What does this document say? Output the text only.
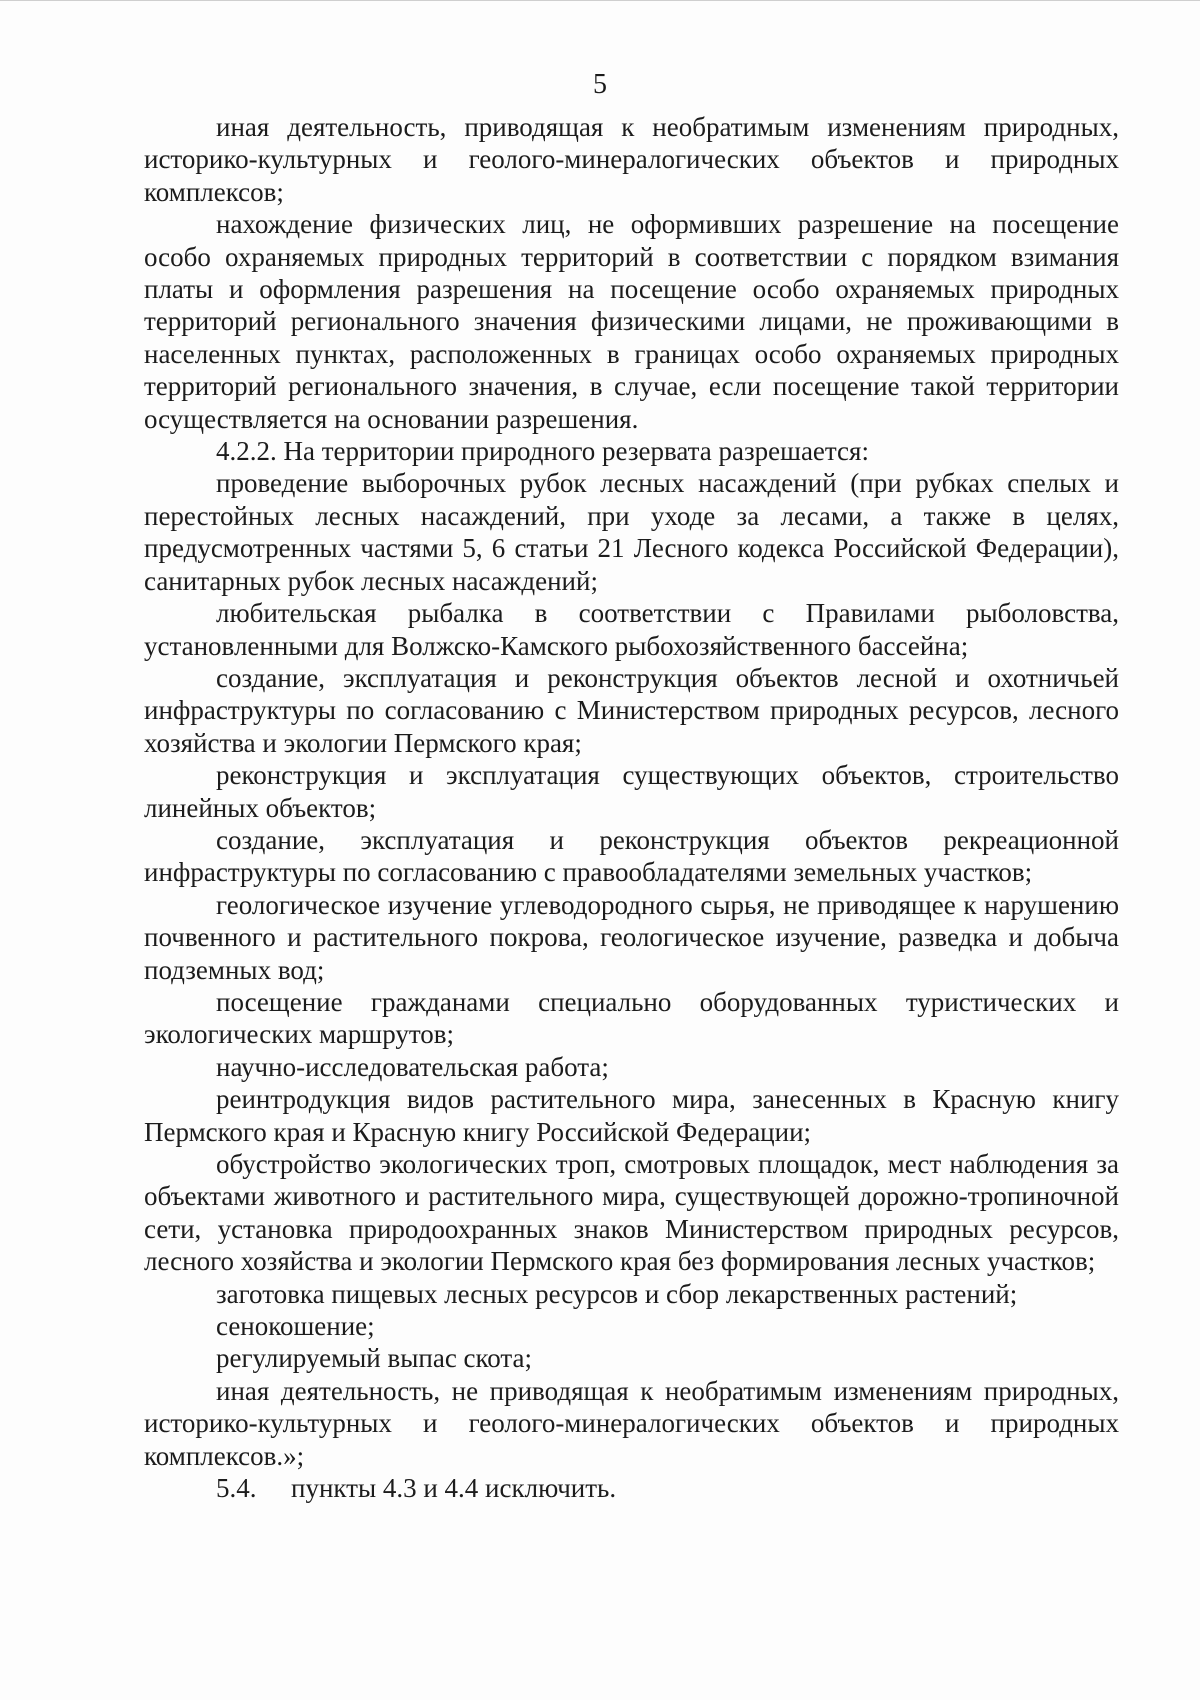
5

иная деятельность, приводящая к необратимым изменениям природных, историко-культурных и геолого-минералогических объектов и природных комплексов;

нахождение физических лиц, не оформивших разрешение на посещение особо охраняемых природных территорий в соответствии с порядком взимания платы и оформления разрешения на посещение особо охраняемых природных территорий регионального значения физическими лицами, не проживающими в населенных пунктах, расположенных в границах особо охраняемых природных территорий регионального значения, в случае, если посещение такой территории осуществляется на основании разрешения.

4.2.2. На территории природного резервата разрешается:

проведение выборочных рубок лесных насаждений (при рубках спелых и перестойных лесных насаждений, при уходе за лесами, а также в целях, предусмотренных частями 5, 6 статьи 21 Лесного кодекса Российской Федерации), санитарных рубок лесных насаждений;

любительская рыбалка в соответствии с Правилами рыболовства, установленными для Волжско-Камского рыбохозяйственного бассейна;

создание, эксплуатация и реконструкция объектов лесной и охотничьей инфраструктуры по согласованию с Министерством природных ресурсов, лесного хозяйства и экологии Пермского края;

реконструкция и эксплуатация существующих объектов, строительство линейных объектов;

создание, эксплуатация и реконструкция объектов рекреационной инфраструктуры по согласованию с правообладателями земельных участков;

геологическое изучение углеводородного сырья, не приводящее к нарушению почвенного и растительного покрова, геологическое изучение, разведка и добыча подземных вод;

посещение гражданами специально оборудованных туристических и экологических маршрутов;

научно-исследовательская работа;

реинтродукция видов растительного мира, занесенных в Красную книгу Пермского края и Красную книгу Российской Федерации;

обустройство экологических троп, смотровых площадок, мест наблюдения за объектами животного и растительного мира, существующей дорожно-тропиночной сети, установка природоохранных знаков Министерством природных ресурсов, лесного хозяйства и экологии Пермского края без формирования лесных участков;

заготовка пищевых лесных ресурсов и сбор лекарственных растений;

сенокошение;

регулируемый выпас скота;

иная деятельность, не приводящая к необратимым изменениям природных, историко-культурных и геолого-минералогических объектов и природных комплексов.»;

5.4. пункты 4.3 и 4.4 исключить.
